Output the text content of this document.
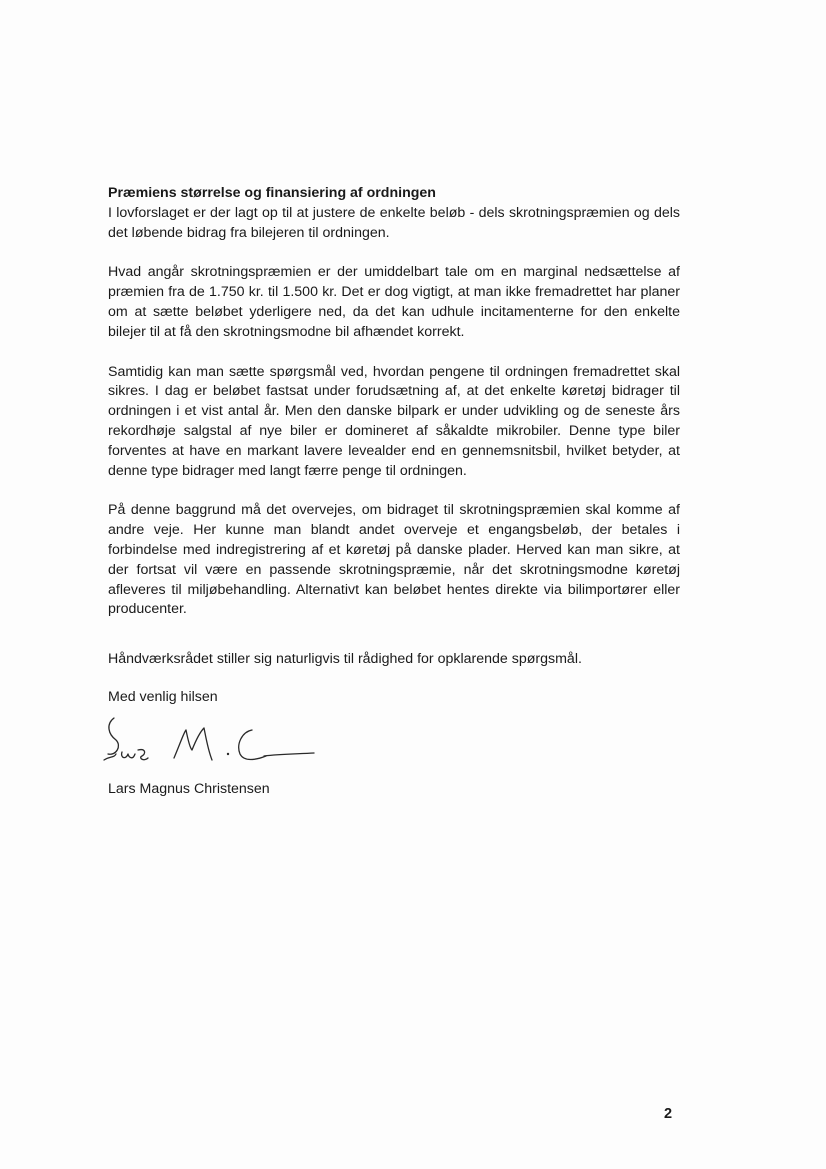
Præmiens størrelse og finansiering af ordningen

I lovforslaget er der lagt op til at justere de enkelte beløb - dels skrotningspræmien og dels det løbende bidrag fra bilejeren til ordningen.

Hvad angår skrotningspræmien er der umiddelbart tale om en marginal nedsættelse af præmien fra de 1.750 kr. til 1.500 kr. Det er dog vigtigt, at man ikke fremadrettet har planer om at sætte beløbet yderligere ned, da det kan udhule incitamenterne for den enkelte bilejer til at få den skrotningsmodne bil afhændet korrekt.

Samtidig kan man sætte spørgsmål ved, hvordan pengene til ordningen fremadrettet skal sikres. I dag er beløbet fastsat under forudsætning af, at det enkelte køretøj bidrager til ordningen i et vist antal år. Men den danske bilpark er under udvikling og de seneste års rekordhøje salgstal af nye biler er domineret af såkaldte mikrobiler. Denne type biler forventes at have en markant lavere levealder end en gennemsnitsbil, hvilket betyder, at denne type bidrager med langt færre penge til ordningen.

På denne baggrund må det overvejes, om bidraget til skrotningspræmien skal komme af andre veje. Her kunne man blandt andet overveje et engangsbeløb, der betales i forbindelse med indregistrering af et køretøj på danske plader. Herved kan man sikre, at der fortsat vil være en passende skrotningspræmie, når det skrotningsmodne køretøj afleveres til miljøbehandling. Alternativt kan beløbet hentes direkte via bilimportører eller producenter.

Håndværksrådet stiller sig naturligvis til rådighed for opklarende spørgsmål.

Med venlig hilsen

Lars Magnus Christensen

2
